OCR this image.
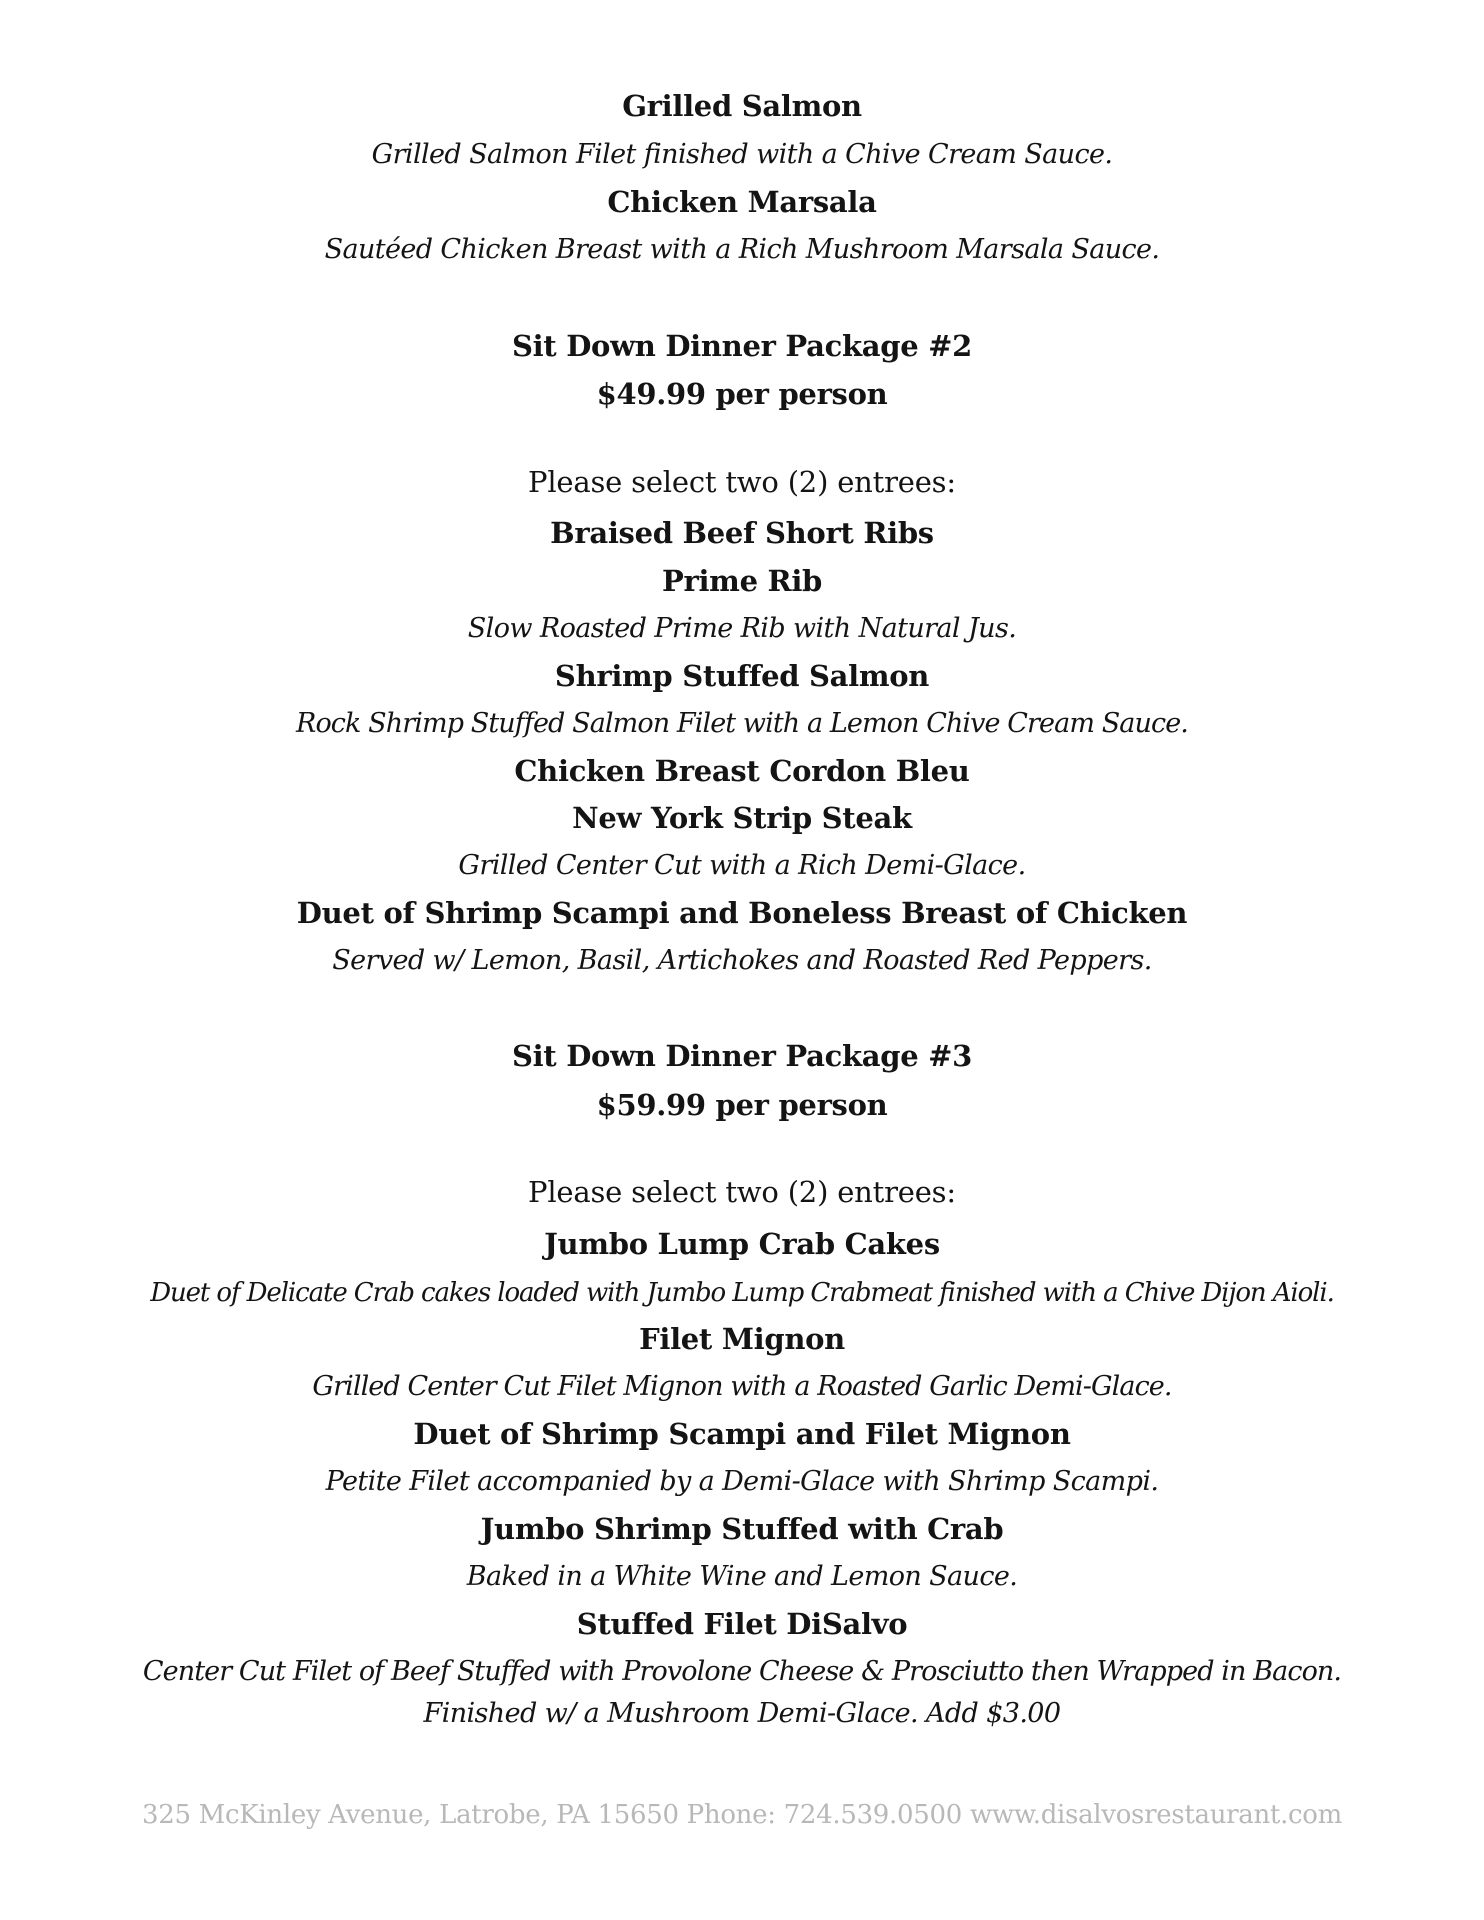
Grilled Salmon
Grilled Salmon Filet finished with a Chive Cream Sauce.
Chicken Marsala
Sautéed Chicken Breast with a Rich Mushroom Marsala Sauce.
Sit Down Dinner Package #2
$49.99 per person
Please select two (2) entrees:
Braised Beef Short Ribs
Prime Rib
Slow Roasted Prime Rib with Natural Jus.
Shrimp Stuffed Salmon
Rock Shrimp Stuffed Salmon Filet with a Lemon Chive Cream Sauce.
Chicken Breast Cordon Bleu
New York Strip Steak
Grilled Center Cut with a Rich Demi-Glace.
Duet of Shrimp Scampi and Boneless Breast of Chicken
Served w/ Lemon, Basil, Artichokes and Roasted Red Peppers.
Sit Down Dinner Package #3
$59.99 per person
Please select two (2) entrees:
Jumbo Lump Crab Cakes
Duet of Delicate Crab cakes loaded with Jumbo Lump Crabmeat finished with a Chive Dijon Aioli.
Filet Mignon
Grilled Center Cut Filet Mignon with a Roasted Garlic Demi-Glace.
Duet of Shrimp Scampi and Filet Mignon
Petite Filet accompanied by a Demi-Glace with Shrimp Scampi.
Jumbo Shrimp Stuffed with Crab
Baked in a White Wine and Lemon Sauce.
Stuffed Filet DiSalvo
Center Cut Filet of Beef Stuffed with Provolone Cheese & Prosciutto then Wrapped in Bacon.
Finished w/ a Mushroom Demi-Glace. Add $3.00
325 McKinley Avenue, Latrobe, PA 15650 Phone: 724.539.0500 www.disalvosrestaurant.com
